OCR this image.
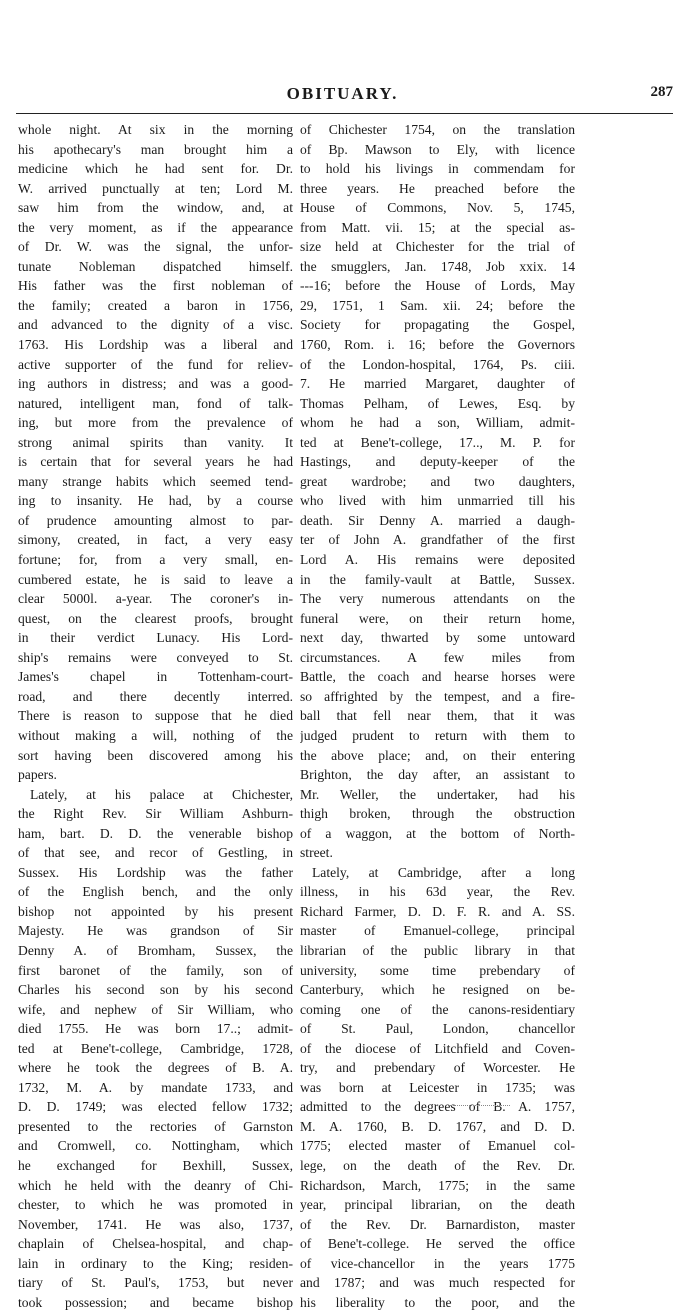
OBITUARY.	287
whole night. At six in the morning
his apothecary's man brought him a
medicine which he had sent for. Dr.
W. arrived punctually at ten; Lord M.
saw him from the window, and, at
the very moment, as if the appearance
of Dr. W. was the signal, the unfor-
tunate Nobleman dispatched himself.
His father was the first nobleman of
the family; created a baron in 1756,
and advanced to the dignity of a visc.
1763. His Lordship was a liberal and
active supporter of the fund for reliev-
ing authors in distress; and was a good-
natured, intelligent man, fond of talk-
ing, but more from the prevalence of
strong animal spirits than vanity. It
is certain that for several years he had
many strange habits which seemed tend-
ing to insanity. He had, by a course
of prudence amounting almost to par-
simony, created, in fact, a very easy
fortune; for, from a very small, en-
cumbered estate, he is said to leave a
clear 5000l. a-year. The coroner's in-
quest, on the clearest proofs, brought
in their verdict Lunacy. His Lord-
ship's remains were conveyed to St.
James's chapel in Tottenham-court-
road, and there decently interred.
There is reason to suppose that he died
without making a will, nothing of the
sort having been discovered among his
papers.
Lately, at his palace at Chichester,
the Right Rev. Sir William Ashburn-
ham, bart. D. D. the venerable bishop
of that see, and recor of Gestling, in
Sussex. His Lordship was the father
of the English bench, and the only
bishop not appointed by his present
Majesty. He was grandson of Sir
Denny A. of Bromham, Sussex, the
first baronet of the family, son of
Charles his second son by his second
wife, and nephew of Sir William, who
died 1755. He was born 17..; admit-
ted at Bene't-college, Cambridge, 1728,
where he took the degrees of B. A.
1732, M. A. by mandate 1733, and
D. D. 1749; was elected fellow 1732;
presented to the rectories of Garnston
and Cromwell, co. Nottingham, which
he exchanged for Bexhill, Sussex,
which he held with the deanry of Chi-
chester, to which he was promoted in
November, 1741. He was also, 1737,
chaplain of Chelsea-hospital, and chap-
lain in ordinary to the King; residen-
tiary of St. Paul's, 1753, but never
took possession; and became bishop
of Chichester 1754, on the translation
of Bp. Mawson to Ely, with licence
to hold his livings in commendam for
three years. He preached before the
House of Commons, Nov. 5, 1745,
from Matt. vii. 15; at the special as-
size held at Chichester for the trial of
the smugglers, Jan. 1748, Job xxix. 14
---16; before the House of Lords, May
29, 1751, 1 Sam. xii. 24; before the
Society for propagating the Gospel,
1760, Rom. i. 16; before the Governors
of the London-hospital, 1764, Ps. ciii.
7. He married Margaret, daughter of
Thomas Pelham, of Lewes, Esq. by
whom he had a son, William, admit-
ted at Bene't-college, 17.., M. P. for
Hastings, and deputy-keeper of the
great wardrobe; and two daughters,
who lived with him unmarried till his
death. Sir Denny A. married a daugh-
ter of John A. grandfather of the first
Lord A. His remains were deposited
in the family-vault at Battle, Sussex.
The very numerous attendants on the
funeral were, on their return home,
next day, thwarted by some untoward
circumstances. A few miles from
Battle, the coach and hearse horses were
so affrighted by the tempest, and a fire-
ball that fell near them, that it was
judged prudent to return with them to
the above place; and, on their entering
Brighton, the day after, an assistant to
Mr. Weller, the undertaker, had his
thigh broken, through the obstruction
of a waggon, at the bottom of North-
street.
Lately, at Cambridge, after a long
illness, in his 63d year, the Rev.
Richard Farmer, D. D. F. R. and A. SS.
master of Emanuel-college, principal
librarian of the public library in that
university, some time prebendary of
Canterbury, which he resigned on be-
coming one of the canons-residentiary
of St. Paul, London, chancellor
of the diocese of Litchfield and Coven-
try, and prebendary of Worcester. He
was born at Leicester in 1735; was
admitted to the degrees of B. A. 1757,
M. A. 1760, B. D. 1767, and D. D.
1775; elected master of Emanuel col-
lege, on the death of the Rev. Dr.
Richardson, March, 1775; in the same
year, principal librarian, on the death
of the Rev. Dr. Barnardiston, master
of Bene't-college. He served the office
of vice-chancellor in the years 1775
and 1787; and was much respected for
his liberality to the poor, and the
